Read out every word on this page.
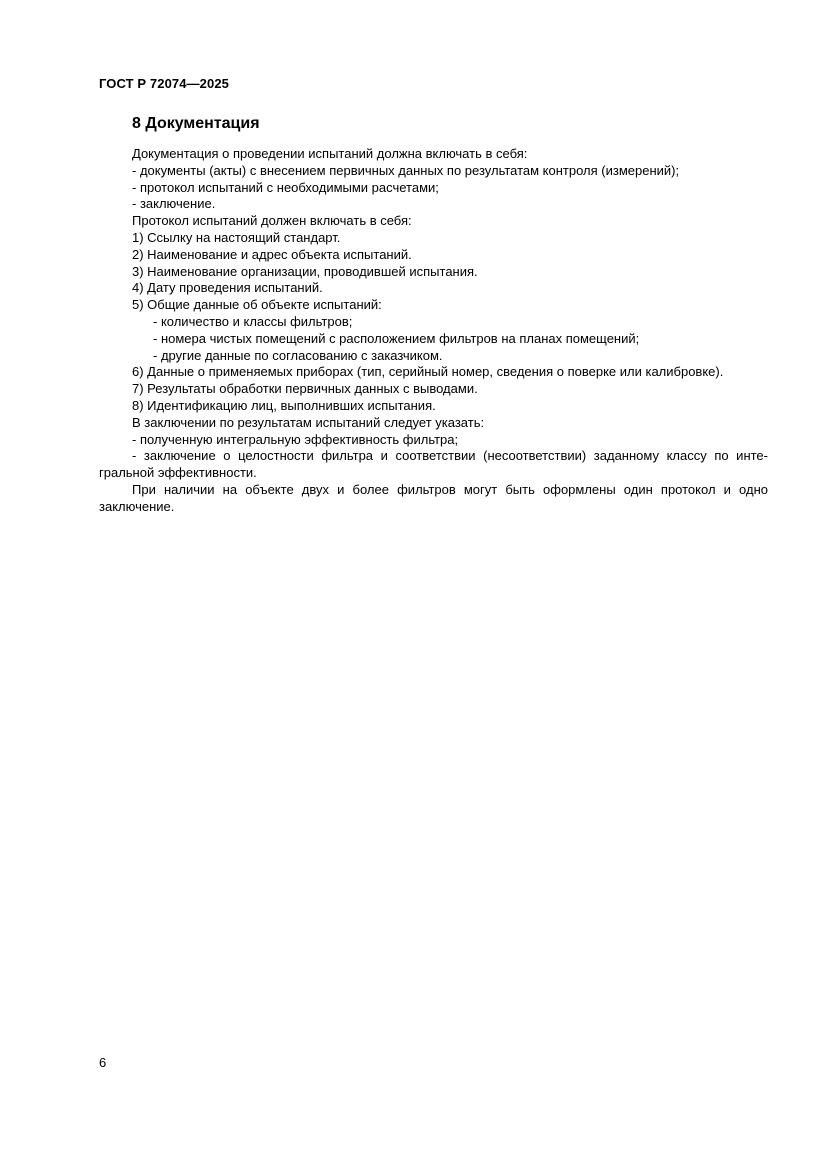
ГОСТ Р 72074—2025
8 Документация
Документация о проведении испытаний должна включать в себя:
- документы (акты) с внесением первичных данных по результатам контроля (измерений);
- протокол испытаний с необходимыми расчетами;
- заключение.
Протокол испытаний должен включать в себя:
1) Ссылку на настоящий стандарт.
2) Наименование и адрес объекта испытаний.
3) Наименование организации, проводившей испытания.
4) Дату проведения испытаний.
5) Общие данные об объекте испытаний:
- количество и классы фильтров;
- номера чистых помещений с расположением фильтров на планах помещений;
- другие данные по согласованию с заказчиком.
6) Данные о применяемых приборах (тип, серийный номер, сведения о поверке или калибровке).
7) Результаты обработки первичных данных с выводами.
8) Идентификацию лиц, выполнивших испытания.
В заключении по результатам испытаний следует указать:
- полученную интегральную эффективность фильтра;
- заключение о целостности фильтра и соответствии (несоответствии) заданному классу по инте-
гральной эффективности.
При наличии на объекте двух и более фильтров могут быть оформлены один протокол и одно
заключение.
6
